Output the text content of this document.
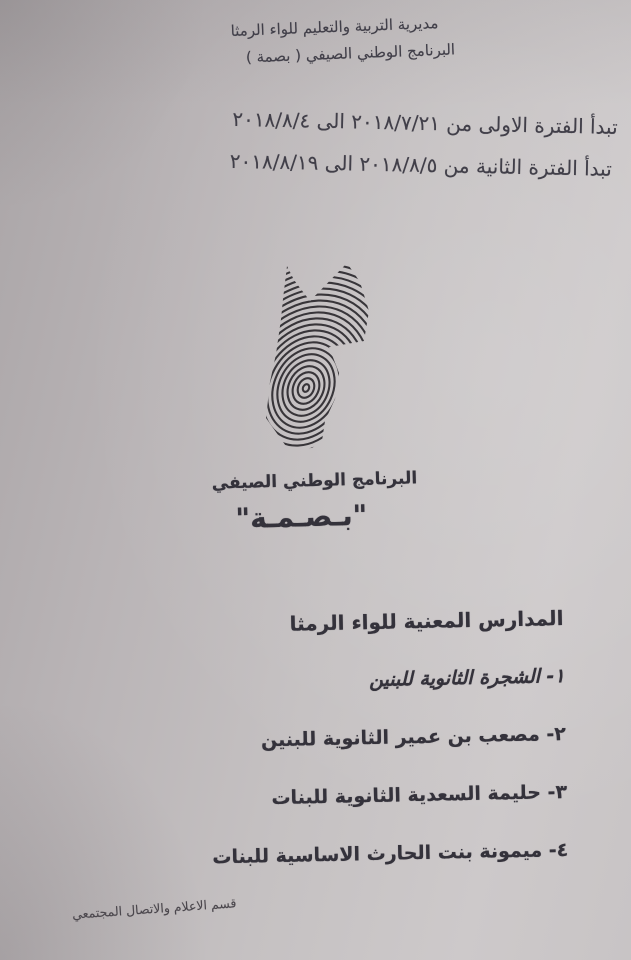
مديرية التربية والتعليم للواء الرمثا
البرنامج الوطني الصيفي ( بصمة )
تبدأ الفترة الاولى من ٢٠١٨/٧/٢١ الى ٢٠١٨/٨/٤
تبدأ الفترة الثانية من ٢٠١٨/٨/٥ الى ٢٠١٨/٨/١٩
البرنامج الوطني الصيفي
"بـصـمـة"
المدارس المعنية للواء الرمثا
١- الشجرة الثانوية للبنين
٢- مصعب بن عمير الثانوية للبنين
٣- حليمة السعدية الثانوية للبنات
٤- ميمونة بنت الحارث الاساسية للبنات
قسم الاعلام والاتصال المجتمعي
